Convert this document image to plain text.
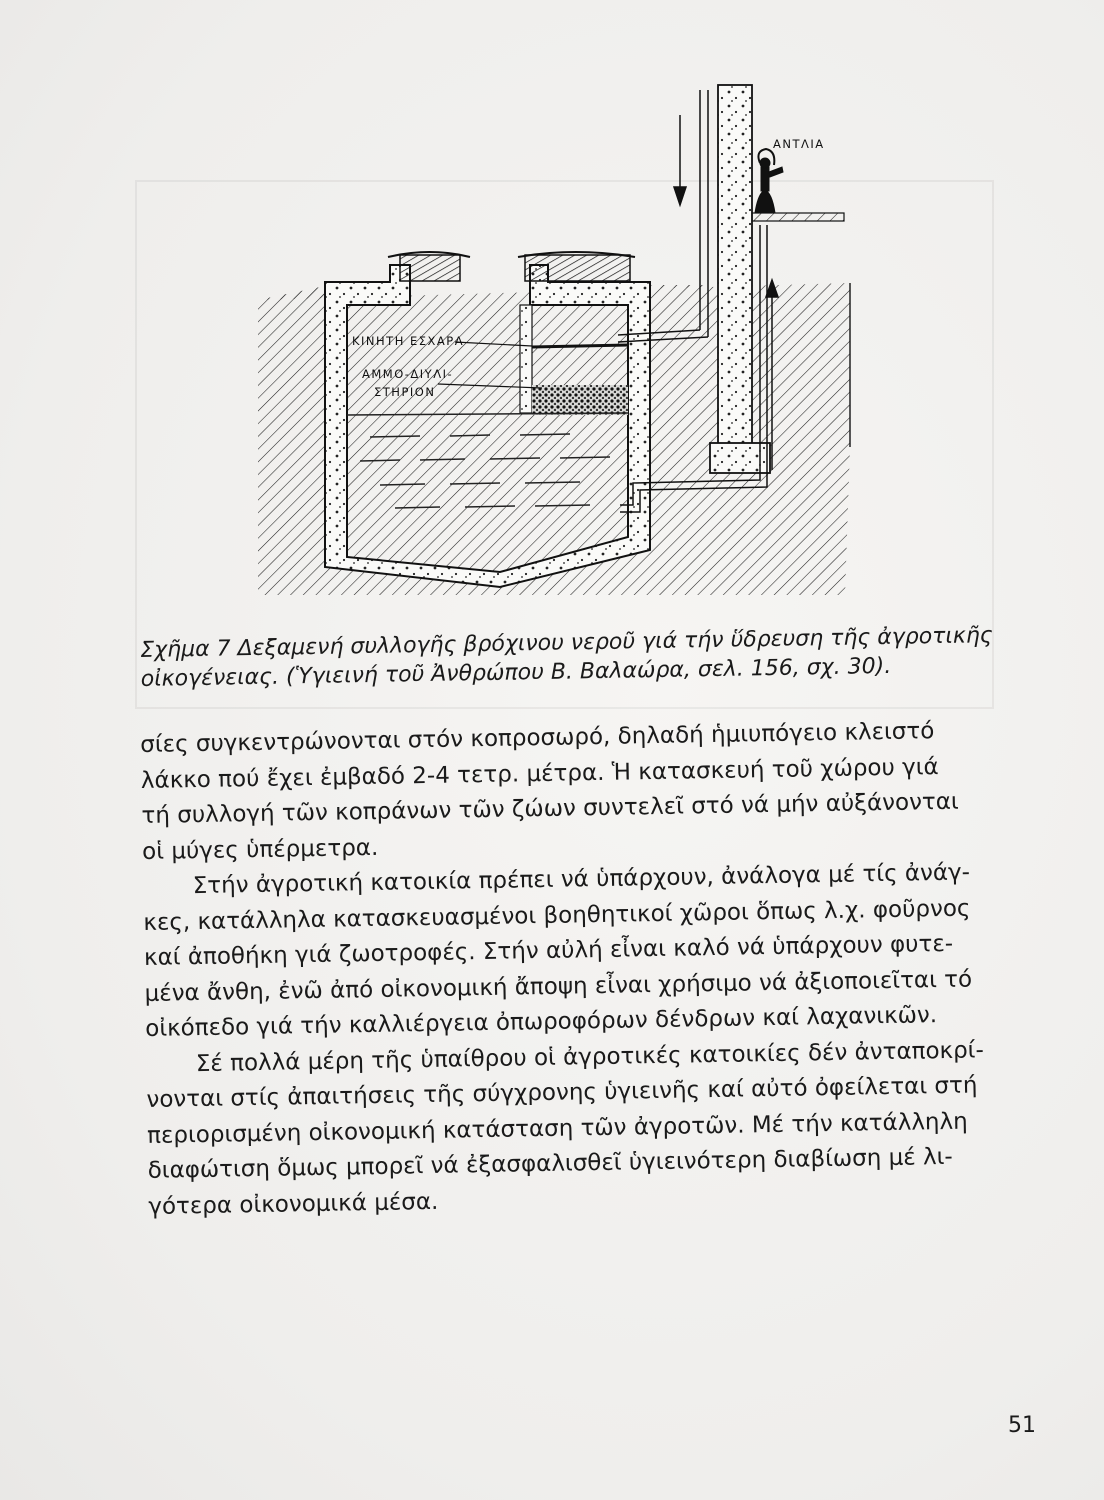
ΑΝΤΛΙΑ
ΚΙΝΗΤΗ ΕΣΧΑΡΑ
ΑΜΜΟ-ΔΙΥΛΙ-
ΣΤΗΡΙΟΝ

Σχῆμα 7 Δεξαμενή συλλογῆς βρόχινου νεροῦ γιά τήν ὕδρευση τῆς ἀγροτικῆς

οἰκογένειας. (Ὑγιεινή τοῦ Ἀνθρώπου Β. Βαλαώρα, σελ. 156, σχ. 30).

σίες συγκεντρώνονται στόν κοπροσωρό, δηλαδή ἡμιυπόγειο κλειστό

λάκκο πού ἔχει ἐμβαδό 2-4 τετρ. μέτρα. Ἡ κατασκευή τοῦ χώρου γιά

τή συλλογή τῶν κοπράνων τῶν ζώων συντελεῖ στό νά μήν αὐξάνονται

οἱ μύγες ὑπέρμετρα.

Στήν ἀγροτική κατοικία πρέπει νά ὑπάρχουν, ἀνάλογα μέ τίς ἀνάγ-

κες, κατάλληλα κατασκευασμένοι βοηθητικοί χῶροι ὅπως λ.χ. φοῦρνος

καί ἀποθήκη γιά ζωοτροφές. Στήν αὐλή εἶναι καλό νά ὑπάρχουν φυτε-

μένα ἄνθη, ἐνῶ ἀπό οἰκονομική ἄποψη εἶναι χρήσιμο νά ἀξιοποιεῖται τό

οἰκόπεδο γιά τήν καλλιέργεια ὀπωροφόρων δένδρων καί λαχανικῶν.

Σέ πολλά μέρη τῆς ὑπαίθρου οἱ ἀγροτικές κατοικίες δέν ἀνταποκρί-

νονται στίς ἀπαιτήσεις τῆς σύγχρονης ὑγιεινῆς καί αὐτό ὀφείλεται στή

περιορισμένη οἰκονομική κατάσταση τῶν ἀγροτῶν. Μέ τήν κατάλληλη

διαφώτιση ὅμως μπορεῖ νά ἐξασφαλισθεῖ ὑγιεινότερη διαβίωση μέ λι-

γότερα οἰκονομικά μέσα.

51
